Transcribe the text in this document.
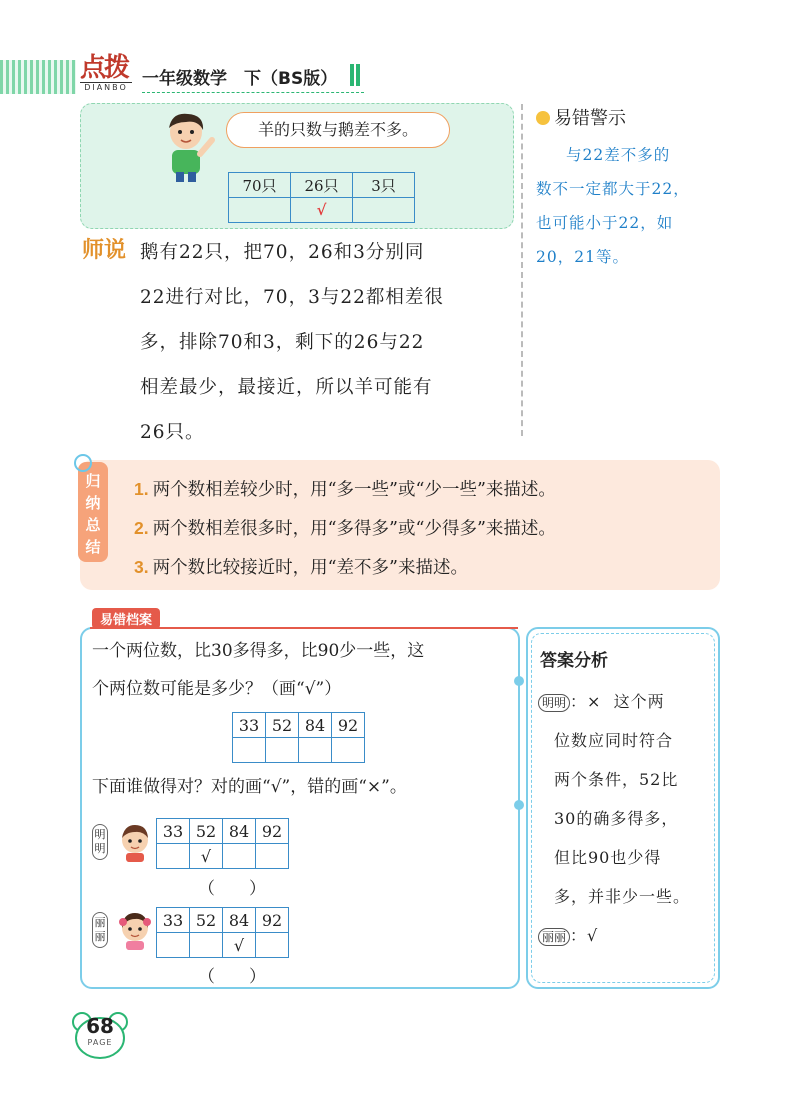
点拨
DIANBO 一年级数学　下（BS版）
羊的只数与鹅差不多。
70只	26只	3只
	√	
师说 鹅有22只，把70，26和3分别同
22进行对比，70，3与22都相差很
多，排除70和3，剩下的26与22
相差最少，最接近，所以羊可能有
26只。
易错警示
与22差不多的
数不一定都大于22，
也可能小于22，如
20，21等。
归
纳
总
结
1. 两个数相差较少时，用“多一些”或“少一些”来描述。
2. 两个数相差很多时，用“多得多”或“少得多”来描述。
3. 两个数比较接近时，用“差不多”来描述。
易错档案
一个两位数，比30多得多，比90少一些，这
个两位数可能是多少？（画“√”）
33	52	84	92

下面谁做得对？对的画“√”，错的画“×”。
明明
33	52	84	92
	√		
（　　）
丽丽
33	52	84	92
		√	
（　　）
答案分析
明明 ：× 这个两
位数应同时符合
两个条件，52比
30的确多得多，
但比90也少得
多，并非少一些。
丽丽 ：√
68
PAGE
